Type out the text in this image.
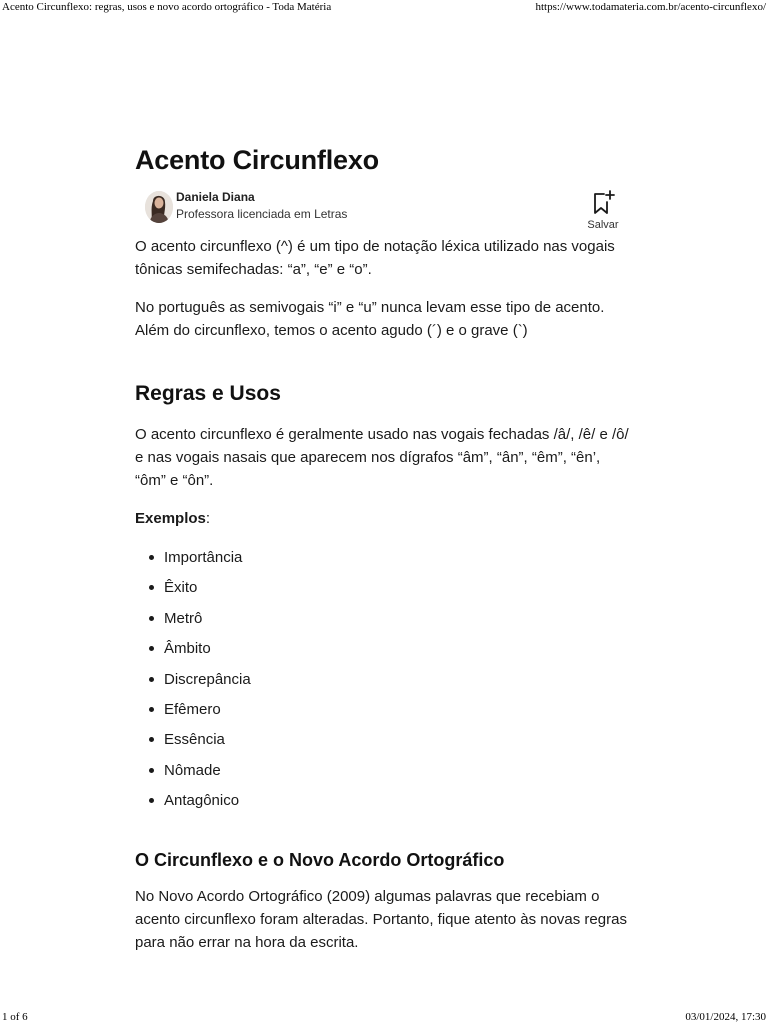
Acento Circunflexo: regras, usos e novo acordo ortográfico - Toda Matéria	https://www.todamateria.com.br/acento-circunflexo/
Acento Circunflexo
Daniela Diana
Professora licenciada em Letras
Salvar

O acento circunflexo (^) é um tipo de notação léxica utilizado nas vogais tônicas semifechadas: “a”, “e” e “o”.

No português as semivogais “i” e “u” nunca levam esse tipo de acento. Além do circunflexo, temos o acento agudo (´) e o grave (`)

Regras e Usos

O acento circunflexo é geralmente usado nas vogais fechadas /â/, /ê/ e /ô/ e nas vogais nasais que aparecem nos dígrafos “âm”, “ân”, “êm”, “ên’, “ôm” e “ôn”.

Exemplos:
Importância
Êxito
Metrô
Âmbito
Discrepância
Efêmero
Essência
Nômade
Antagônico
O Circunflexo e o Novo Acordo Ortográfico

No Novo Acordo Ortográfico (2009) algumas palavras que recebiam o acento circunflexo foram alteradas. Portanto, fique atento às novas regras para não errar na hora da escrita.

1 of 6	03/01/2024, 17:30
